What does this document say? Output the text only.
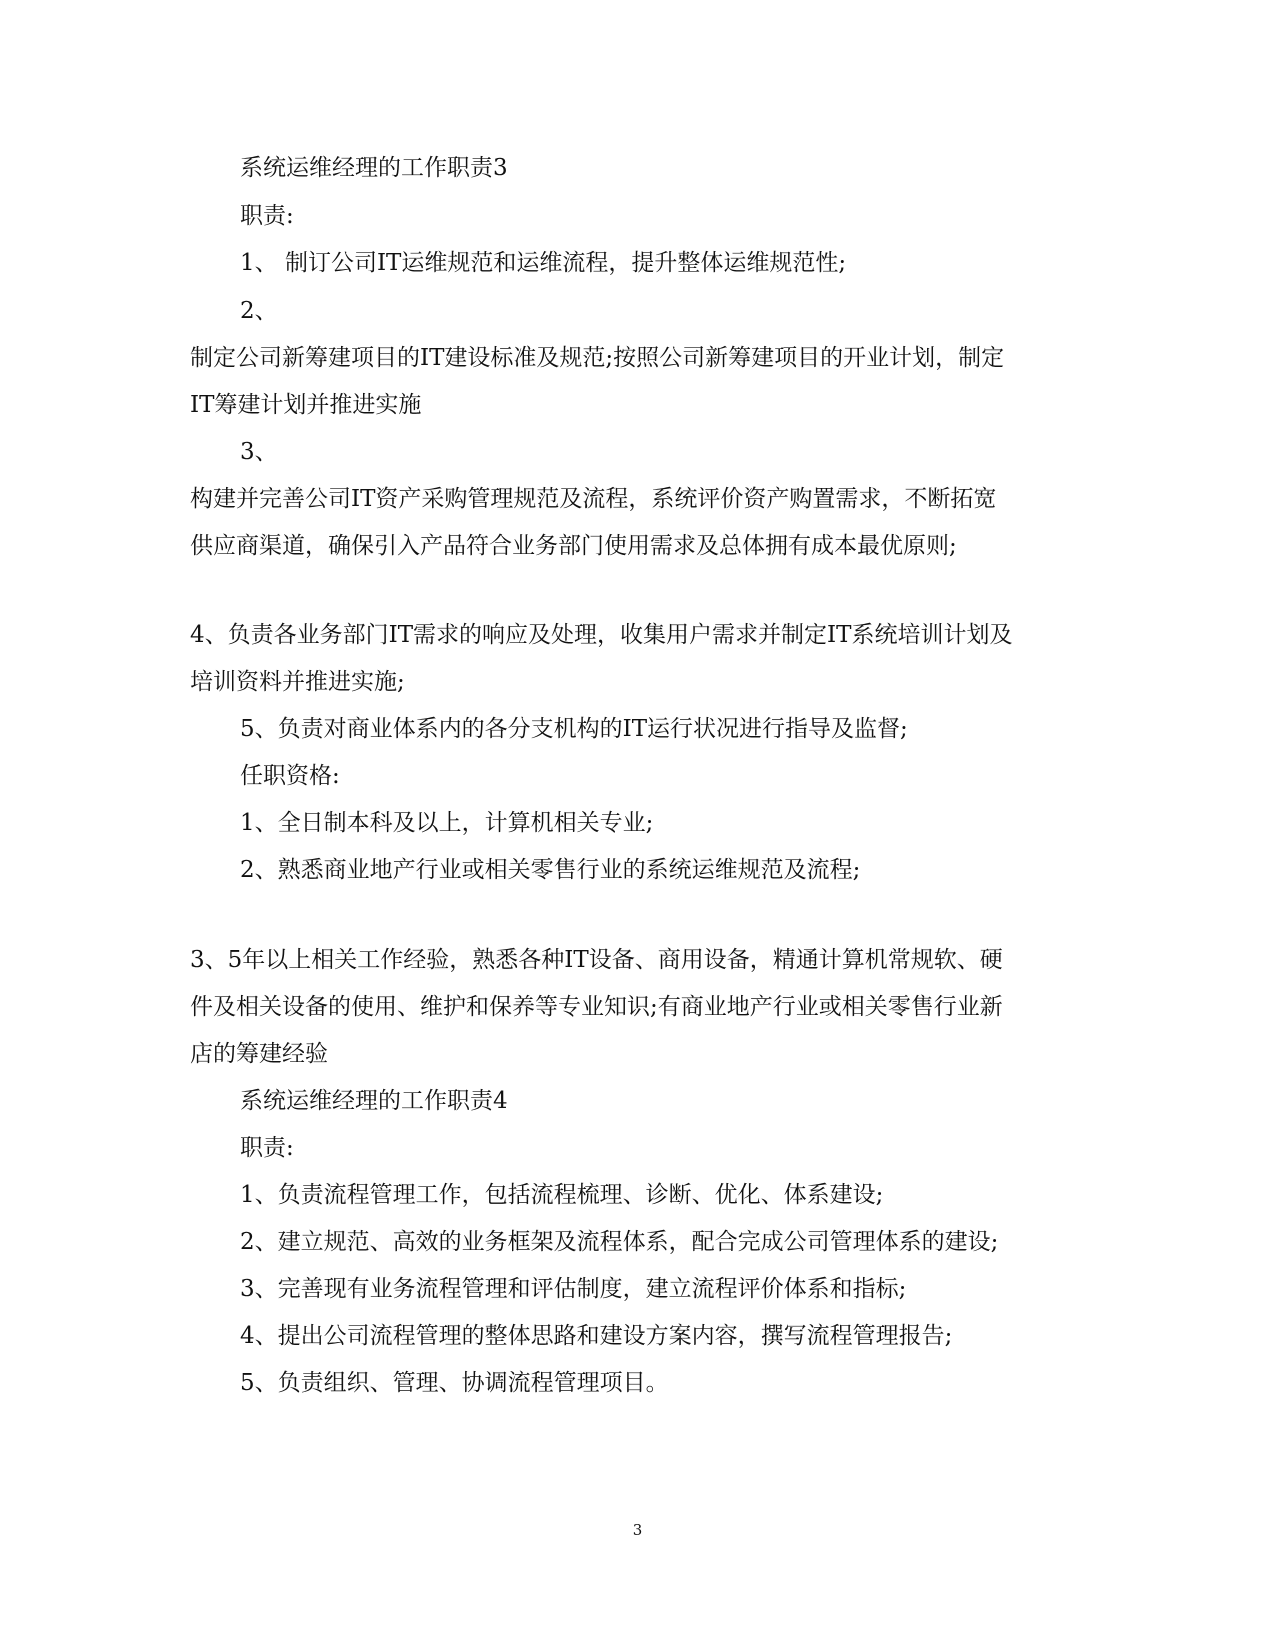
系统运维经理的工作职责3
职责:
1、 制订公司IT运维规范和运维流程，提升整体运维规范性;
2、
制定公司新筹建项目的IT建设标准及规范;按照公司新筹建项目的开业计划，制定
IT筹建计划并推进实施
3、
构建并完善公司IT资产采购管理规范及流程，系统评价资产购置需求，不断拓宽
供应商渠道，确保引入产品符合业务部门使用需求及总体拥有成本最优原则;
4、负责各业务部门IT需求的响应及处理，收集用户需求并制定IT系统培训计划及
培训资料并推进实施;
5、负责对商业体系内的各分支机构的IT运行状况进行指导及监督;
任职资格:
1、全日制本科及以上，计算机相关专业;
2、熟悉商业地产行业或相关零售行业的系统运维规范及流程;
3、5年以上相关工作经验，熟悉各种IT设备、商用设备，精通计算机常规软、硬
件及相关设备的使用、维护和保养等专业知识;有商业地产行业或相关零售行业新
店的筹建经验
系统运维经理的工作职责4
职责:
1、负责流程管理工作，包括流程梳理、诊断、优化、体系建设;
2、建立规范、高效的业务框架及流程体系，配合完成公司管理体系的建设;
3、完善现有业务流程管理和评估制度，建立流程评价体系和指标;
4、提出公司流程管理的整体思路和建设方案内容，撰写流程管理报告;
5、负责组织、管理、协调流程管理项目。
3
